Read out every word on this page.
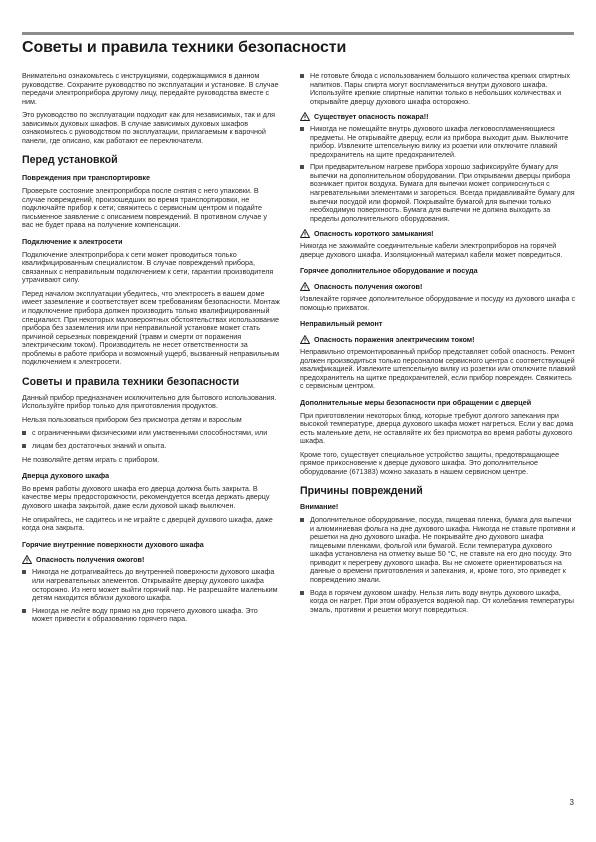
Советы и правила техники безопасности

Внимательно ознакомьтесь с инструкциями, содержащимися в данном руководстве. Сохраните руководство по эксплуатации и установке. В случае передачи электроприбора другому лицу, передайте руководства вместе с ним.

Это руководство по эксплуатации подходит как для независимых, так и для зависимых духовых шкафов. В случае зависимых духовых шкафов ознакомьтесь с руководством по эксплуатации, прилагаемым к варочной панели, где описано, как работают ее переключатели.

Перед установкой
Повреждения при транспортировке

Проверьте состояние электроприбора после снятия с него упаковки. В случае повреждений, произошедших во время транспортировки, не подключайте прибор к сети; свяжитесь с сервисным центром и подайте письменное заявление с описанием повреждений. В противном случае у вас не будет права на получение компенсации.

Подключение к электросети

Подключение электроприбора к сети может проводиться только квалифицированным специалистом. В случае повреждений прибора, связанных с неправильным подключением к сети, гарантии производителя утрачивают силу.

Перед началом эксплуатации убедитесь, что электросеть в вашем доме имеет заземление и соответствует всем требованиям безопасности. Монтаж и подключение прибора должен производить только квалифицированный специалист. При некоторых маловероятных обстоятельствах использование прибора без заземления или при неправильной установке может стать причиной серьезных повреждений (травм и смерти от поражения электрическим током). Производитель не несет ответственности за проблемы в работе прибора и возможный ущерб, вызванный неправильным подключением к электросети.

Советы и правила техники безопасности

Данный прибор предназначен исключительно для бытового использования. Используйте прибор только для приготовления продуктов.

Нельзя пользоваться прибором без присмотра детям и взрослым

с ограниченными физическими или умственными способностями, или
лицам без достаточных знаний и опыта.

Не позволяйте детям играть с прибором.

Дверца духового шкафа

Во время работы духового шкафа его дверца должна быть закрыта. В качестве меры предосторожности, рекомендуется всегда держать дверцу духового шкафа закрытой, даже если духовой шкаф выключен.

Не опирайтесь, не садитесь и не играйте с дверцей духового шкафа, даже когда она закрыта.

Горячие внутренние поверхности духового шкафа
Опасность получения ожогов!
Никогда не дотрагивайтесь до внутренней поверхности духового шкафа или нагревательных элементов. Открывайте дверцу духового шкафа осторожно. Из него может выйти горячий пар. Не разрешайте маленьким детям находится вблизи духового шкафа.
Никогда не лейте воду прямо на дно горячего духового шкафа. Это может привести к образованию горячего пара.
Не готовьте блюда с использованием большого количества крепких спиртных напитков. Пары спирта могут воспламениться внутри духового шкафа. Используйте крепкие спиртные напитки только в небольших количествах и открывайте дверцу духового шкафа осторожно.
Существует опасность пожара!!
Никогда не помещайте внутрь духового шкафа легковоспламеняющиеся предметы. Не открывайте дверцу, если из прибора выходит дым. Выключите прибор. Извлеките штепсельную вилку из розетки или отключите плавкий предохранитель на щите предохранителей.
При предварительном нагреве прибора хорошо зафиксируйте бумагу для выпечки на дополнительном оборудовании. При открывании дверцы прибора возникает приток воздуха. Бумага для выпечки может соприкоснуться с нагревательными элементами и загореться. Всегда придавливайте бумагу для выпечки посудой или формой. Покрывайте бумагой для выпечки только необходимую поверхность. Бумага для выпечки не должна выходить за пределы дополнительного оборудования.
Опасность короткого замыкания!

Никогда не зажимайте соединительные кабели электроприборов на горячей дверце духового шкафа. Изоляционный материал кабели может повредиться.

Горячее дополнительное оборудование и посуда
Опасность получения ожогов!

Извлекайте горячее дополнительное оборудование и посуду из духового шкафа с помощью прихваток.

Неправильный ремонт
Опасность поражения электрическим током!

Неправильно отремонтированный прибор представляет собой опасность. Ремонт должен производиться только персоналом сервисного центра с соответствующей квалификацией. Извлеките штепсельную вилку из розетки или отключите плавкий предохранитель на щитке предохранителей, если прибор поврежден. Свяжитесь с сервисным центром.

Дополнительные меры безопасности при обращении с дверцей

При приготовлении некоторых блюд, которые требуют долгого запекания при высокой температуре, дверца духового шкафа может нагреться. Если у вас дома есть маленькие дети, не оставляйте их без присмотра во время работы духового шкафа.

Кроме того, существует специальное устройство защиты, предотвращающее прямое прикосновение к дверце духового шкафа. Это дополнительное оборудование (671383) можно заказать в нашем сервисном центре.

Причины повреждений
Внимание!
Дополнительное оборудование, посуда, пищевая пленка, бумага для выпечки и алюминиевая фольга на дне духового шкафа. Никогда не ставьте противни и решетки на дно духового шкафа. Не покрывайте дно духового шкафа пищевыми пленками, фольгой или бумагой. Если температура духового шкафа установлена на отметку выше 50 °C, не ставьте на его дно посуду. Это приводит к перегреву духового шкафа. Вы не сможете ориентироваться на данные о времени приготовления и запекания, и, кроме того, это приведет к повреждению эмали.
Вода в горячем духовом шкафу. Нельзя лить воду внутрь духового шкафа, когда он нагрет. При этом образуется водяной пар. От колебания температуры эмаль, противни и решетки могут повредиться.
3
